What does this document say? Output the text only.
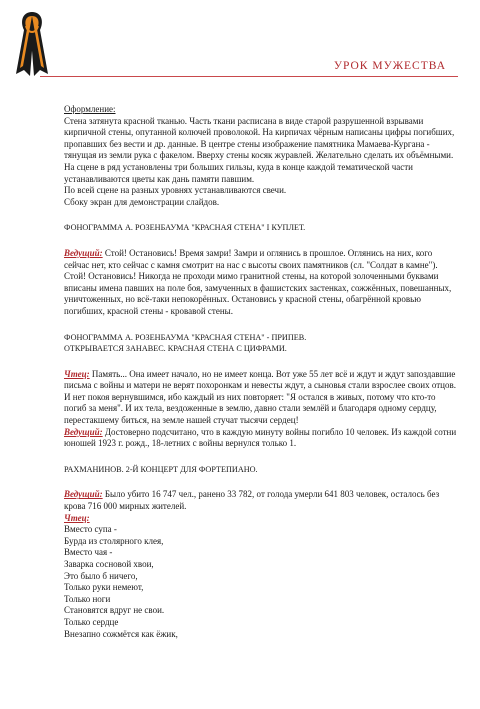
УРОК МУЖЕСТВА

Оформление:

Стена затянута красной тканью. Часть ткани расписана в виде старой разрушенной взрывами кирпичной стены, опутанной колючей проволокой. На кирпичах чёрным написаны цифры погибших, пропавших без вести и др. данные. В центре стены изображение памятника Мамаева-Кургана - тянущая из земли рука с факелом. Вверху стены косяк журавлей. Желательно сделать их объёмными. На сцене в ряд установлены три больших гильзы, куда в конце каждой тематической части устанавливаются цветы как дань памяти павшим.

По всей сцене на разных уровнях устанавливаются свечи.

Сбоку экран для демонстрации слайдов.

ФОНОГРАММА А. РОЗЕНБАУМА "КРАСНАЯ СТЕНА" I КУПЛЕТ.

Ведущий: Стой! Остановись! Время замри! Замри и оглянись в прошлое. Оглянись на них, кого сейчас нет, кто сейчас с камня смотрит на нас с высоты своих памятников (сл. "Солдат в камне"). Стой! Остановись! Никогда не проходи мимо гранитной стены, на которой золоченными буквами вписаны имена павших на поле боя, замученных в фашистских застенках, сожжённых, повешанных, уничтоженных, но всё-таки непокорённых. Остановись у красной стены, обагрённой кровью погибших, красной стены - кровавой стены.

ФОНОГРАММА А. РОЗЕНБАУМА "КРАСНАЯ СТЕНА" - ПРИПЕВ.

ОТКРЫВАЕТСЯ ЗАНАВЕС. КРАСНАЯ СТЕНА С ЦИФРАМИ.

Чтец: Память... Она имеет начало, но не имеет конца. Вот уже 55 лет всё и ждут и ждут запоздавшие письма с войны и матери не верят похоронкам и невесты ждут, а сыновья стали взрослее своих отцов. И нет покоя вернувшимся, ибо каждый из них повторяет: "Я остался в живых, потому что кто-то погиб за меня". И их тела, вездоженные в землю, давно стали землёй и благодаря одному сердцу, перестакшему биться, на земле нашей стучат тысячи сердец!

Ведущий: Достоверно подсчитано, что в каждую минуту войны погибло 10 человек. Из каждой сотни юношей 1923 г. рожд., 18-летних с войны вернулся только 1.

РАХМАНИНОВ. 2-Й КОНЦЕРТ ДЛЯ ФОРТЕПИАНО.

Ведущий: Было убито 16 747 чел., ранено 33 782, от голода умерли 641 803 человек, осталось без крова 716 000 мирных жителей.

Чтец:

Вместо супа -
Бурда из столярного клея,
Вместо чая -
Заварка сосновой хвои,
Это было б ничего,
Только руки немеют,
Только ноги
Становятся вдруг не свои.
Только сердце
Внезапно сожмётся как ёжик,
